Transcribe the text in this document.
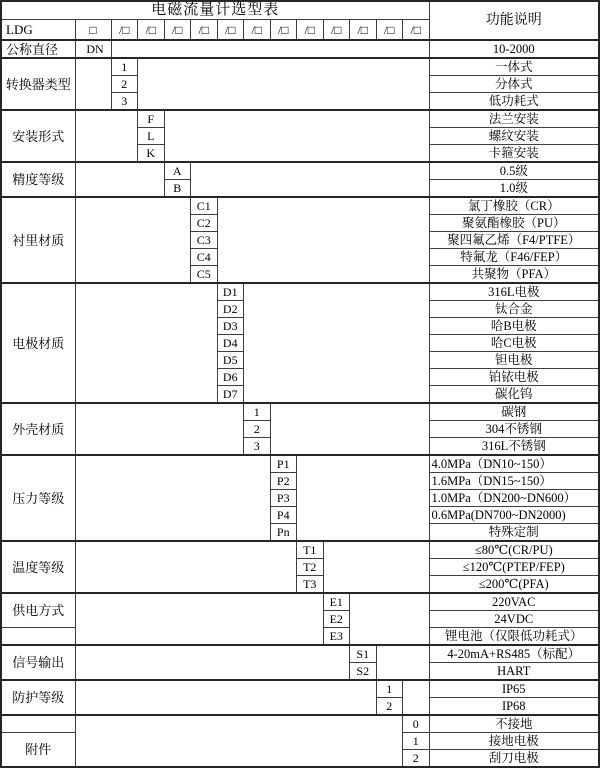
电磁流量计选型表														功能说明
LDG	□	/□	/□	/□	/□	/□	/□	/□	/□	/□	/□	/□	/□	
公称直径	DN													10-2000
转换器类型		1												一体式
		2												分体式
		3												低功耗式
安装形式			F											法兰安装
			L											螺纹安装
			K											卡箍安装
精度等级				A										0.5级
				B										1.0级
衬里材质					C1									氯丁橡胶（CR）
					C2									聚氨酯橡胶（PU）
					C3									聚四氟乙烯（F4/PTFE）
					C4									特氟龙（F46/FEP）
					C5									共聚物（PFA）
电极材质						D1								316L电极
						D2								钛合金
						D3								哈B电极
						D4								哈C电极
						D5								钽电极
						D6								铂铱电极
						D7								碳化钨
外壳材质							1							碳钢
							2							304不锈钢
							3							316L不锈钢
压力等级								P1						4.0MPa（DN10~150）
								P2						1.6MPa（DN15~150）
								P3						1.0MPa（DN200~DN600）
								P4						0.6MPa(DN700~DN2000)
								Pn						特殊定制
温度等级									T1					≤80℃(CR/PU)
									T2					≤120℃(PTEP/FEP)
									T3					≤200℃(PFA)
供电方式										E1				220VAC
										E2				24VDC
										E3				锂电池（仅限低功耗式）
信号输出											S1			4-20mA+RS485（标配）
											S2			HART
防护等级												1		IP65
												2		IP68
													0	不接地
附件													1	接地电极
													2	刮刀电极
